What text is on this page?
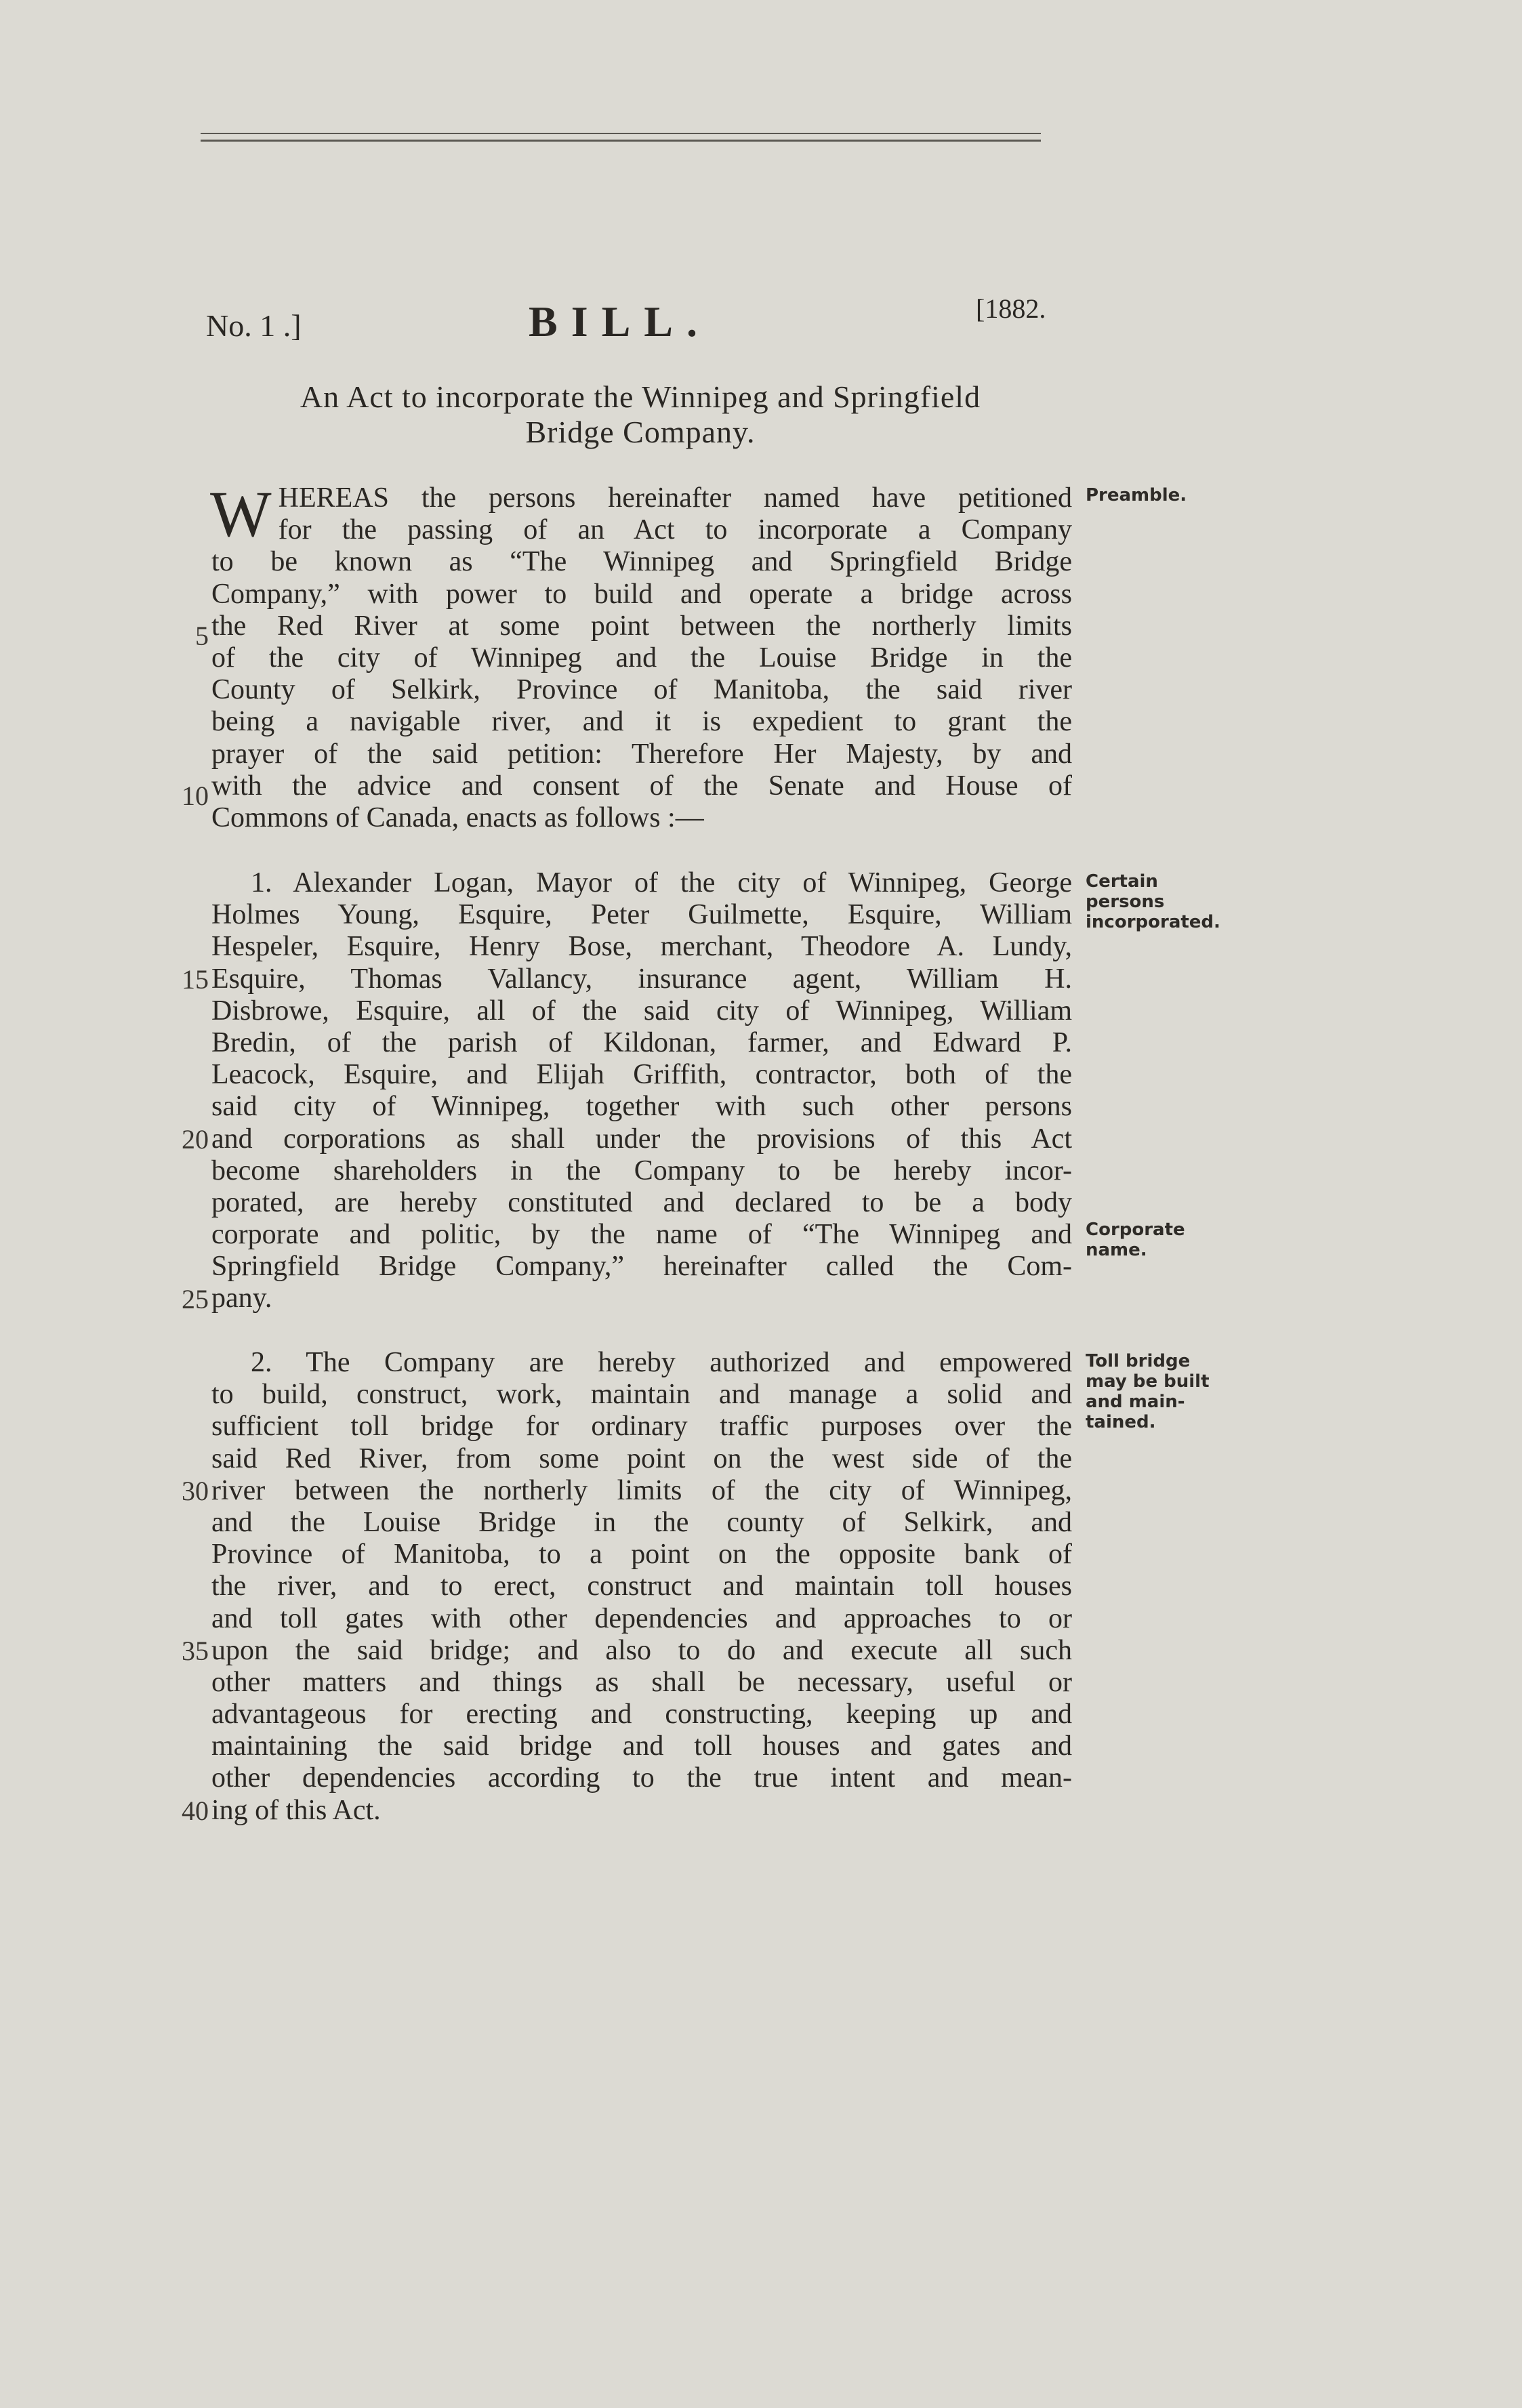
No. 1 .]	BILL.	[1882.
An Act to incorporate the Winnipeg and Springfield
Bridge Company.
W HEREAS the persons hereinafter named have petitioned
for the passing of an Act to incorporate a Company
to be known as “The Winnipeg and Springfield Bridge
Company,” with power to build and operate a bridge across
the Red River at some point between the northerly limits
of the city of Winnipeg and the Louise Bridge in the
County of Selkirk, Province of Manitoba, the said river
being a navigable river, and it is expedient to grant the
prayer of the said petition: Therefore Her Majesty, by and
with the advice and consent of the Senate and House of
Commons of Canada, enacts as follows :—
1. Alexander Logan, Mayor of the city of Winnipeg, George
Holmes Young, Esquire, Peter Guilmette, Esquire, William
Hespeler, Esquire, Henry Bose, merchant, Theodore A. Lundy,
Esquire, Thomas Vallancy, insurance agent, William H.
Disbrowe, Esquire, all of the said city of Winnipeg, William
Bredin, of the parish of Kildonan, farmer, and Edward P.
Leacock, Esquire, and Elijah Griffith, contractor, both of the
said city of Winnipeg, together with such other persons
and corporations as shall under the provisions of this Act
become shareholders in the Company to be hereby incor-
porated, are hereby constituted and declared to be a body
corporate and politic, by the name of “The Winnipeg and
Springfield Bridge Company,” hereinafter called the Com-
pany.
2. The Company are hereby authorized and empowered
to build, construct, work, maintain and manage a solid and
sufficient toll bridge for ordinary traffic purposes over the
said Red River, from some point on the west side of the
river between the northerly limits of the city of Winnipeg,
and the Louise Bridge in the county of Selkirk, and
Province of Manitoba, to a point on the opposite bank of
the river, and to erect, construct and maintain toll houses
and toll gates with other dependencies and approaches to or
upon the said bridge; and also to do and execute all such
other matters and things as shall be necessary, useful or
advantageous for erecting and constructing, keeping up and
maintaining the said bridge and toll houses and gates and
other dependencies according to the true intent and mean-
ing of this Act.
5
10
15
20
25
30
35
40
Preamble.
Certain
persons
incorporated.
Corporate
name.
Toll bridge
may be built
and main-
tained.
